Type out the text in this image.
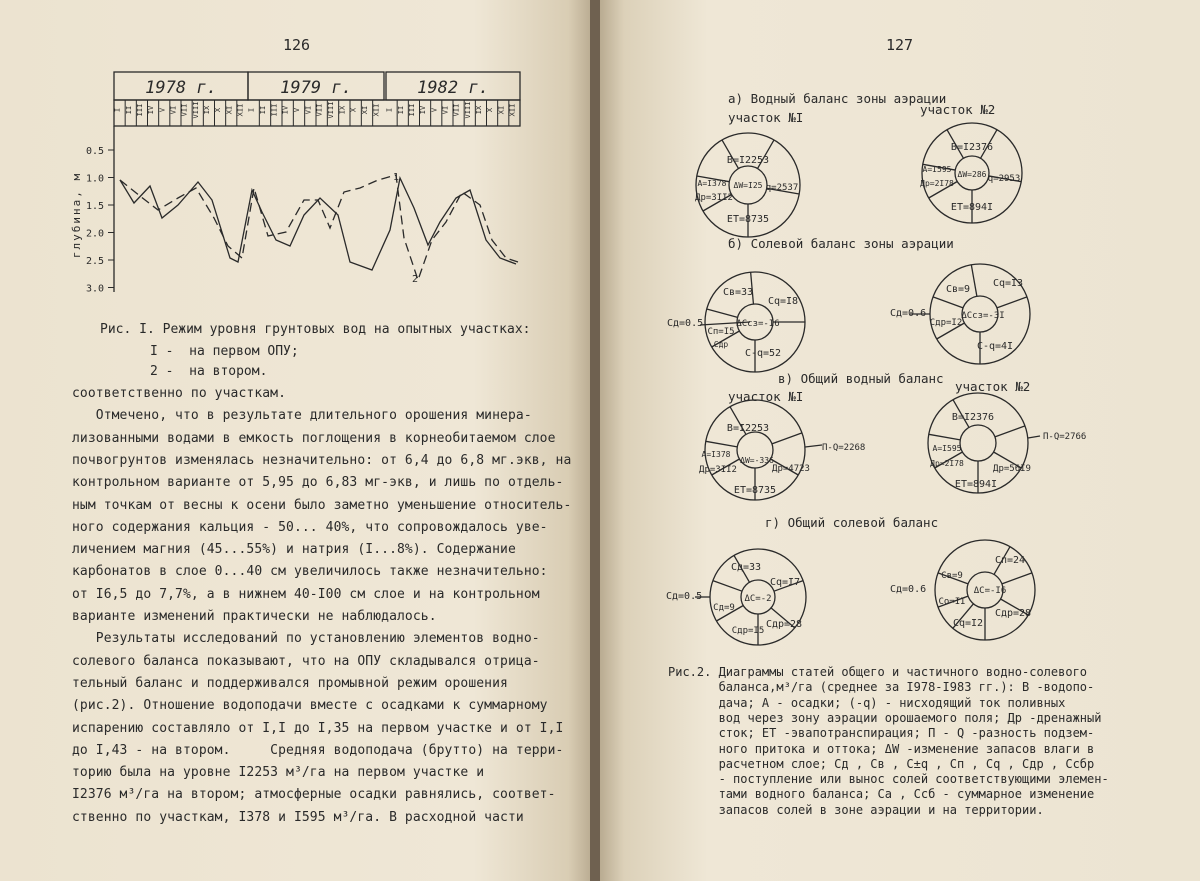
126
I II III IV V VI VII VIII IX X XI XII I II III IV V VI VII VIII IX X XI XII I II III IV V VI VII VIII IX X XI XII
1978 г.	1979 г.	1982 г.
0.5
1.0
1.5
2.0
2.5
3.0
глубина, м	1
2
Рис. I. Режим уровня грунтовых вод на опытных участках:
I -  на первом ОПУ;
2 -  на втором.
соответственно по участкам.
Отмечено, что в результате длительного орошения минера-
лизованными водами в емкость поглощения в корнеобитаемом слое
почвогрунтов изменялась незначительно: от 6,4 до 6,8 мг.экв, на
контрольном варианте от 5,95 до 6,83 мг-экв, и лишь по отдель-
ным точкам от весны к осени было заметно уменьшение относитель-
ного содержания кальция - 50... 40%, что сопровождалось уве-
личением магния (45...55%) и натрия (I...8%). Содержание
карбонатов в слое 0...40 см увеличилось также незначительно:
от I6,5 до 7,7%, а в нижнем 40-I00 см слое и на контрольном
варианте изменений практически не наблюдалось.
Результаты исследований по установлению элементов водно-
солевого баланса показывают, что на ОПУ складывался отрица-
тельный баланс и поддерживался промывной режим орошения
(рис.2). Отношение водоподачи вместе с осадками к суммарному
испарению составляло от I,I до I,35 на первом участке и от I,I
до I,43 - на втором.     Средняя водоподача (брутто) на терри-
торию была на уровне I2253 м³/га на первом участке и
I2376 м³/га на втором; атмосферные осадки равнялись, соответ-
ственно по участкам, I378 и I595 м³/га. В расходной части
127
а) Водный баланс зоны аэрации
участок №I
участок №2
б) Солевой баланс зоны аэрации
в) Общий водный баланс
участок №I
участок №2
г) Общий солевой баланс
В=I2253
А=I378
Др=3II2
ΔW=I25 q=2537
ET=8735
В=I2376
А=I595
Др=2I78
ΔW=286 q=2953
ET=894I
Сд=0.5
Св=33
Сq=I8
Сп=I5
Сдр
ΔCсз=-I6
С-q=52
Сд=0.6
Св=9
Сq=I3
Сдр=I2
ΔCсз=-3I
С-q=4I
В=I2253
А=I378
Др=3II2
ΔW=-336
Др=4723
ET=8735
П-Q=2268
В=I2376
А=I595
Др=2I78
Др=56I9
ET=894I
П-Q=2766
Сд=0.5
Сд=33
Сq=I7
Сд=9
ΔC=-2
Сдр=I5
Сдр=28
Сд=0.6
Сп=24
Св=9
Сo=II
ΔC=-I6
Сq=I2
Сдр=28
Рис.2. Диаграммы статей общего и частичного водно-солевого
баланса,м³/га (среднее за I978-I983 гг.): В -водопо-
дача; А - осадки; (-q) - нисходящий ток поливных
вод через зону аэрации орошаемого поля; Др -дренажный
сток; ET -эвапотранспирация; П - Q -разность подзем-
ного притока и оттока; ΔW -изменение запасов влаги в
расчетном слое; Сд , Св , С±q , Сп , Сq , Сдр , Ссбр
- поступление или вынос солей соответствующими элемен-
тами водного баланса; Сa , Ссб - суммарное изменение
запасов солей в зоне аэрации и на территории.
